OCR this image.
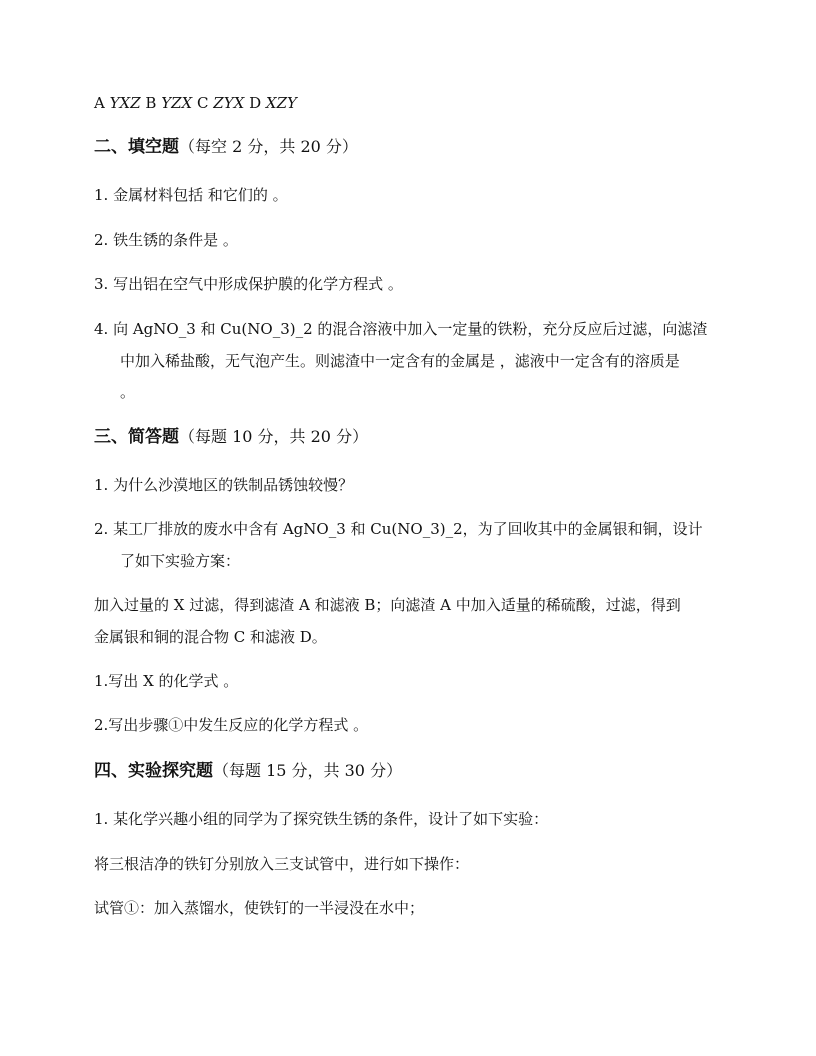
A YXZ B YZX C ZYX D XZY
二、填空题（每空 2 分，共 20 分）
1. 金属材料包括 和它们的 。
2. 铁生锈的条件是 。
3. 写出铝在空气中形成保护膜的化学方程式 。
4. 向 AgNO_3 和 Cu(NO_3)_2 的混合溶液中加入一定量的铁粉，充分反应后过滤，向滤渣
中加入稀盐酸，无气泡产生。则滤渣中一定含有的金属是 ，滤液中一定含有的溶质是
。
三、简答题（每题 10 分，共 20 分）
1. 为什么沙漠地区的铁制品锈蚀较慢？
2. 某工厂排放的废水中含有 AgNO_3 和 Cu(NO_3)_2，为了回收其中的金属银和铜，设计
了如下实验方案：
加入过量的 X 过滤，得到滤渣 A 和滤液 B；向滤渣 A 中加入适量的稀硫酸，过滤，得到
金属银和铜的混合物 C 和滤液 D。
1.写出 X 的化学式 。
2.写出步骤①中发生反应的化学方程式 。
四、实验探究题（每题 15 分，共 30 分）
1. 某化学兴趣小组的同学为了探究铁生锈的条件，设计了如下实验：
将三根洁净的铁钉分别放入三支试管中，进行如下操作：
试管①：加入蒸馏水，使铁钉的一半浸没在水中；
